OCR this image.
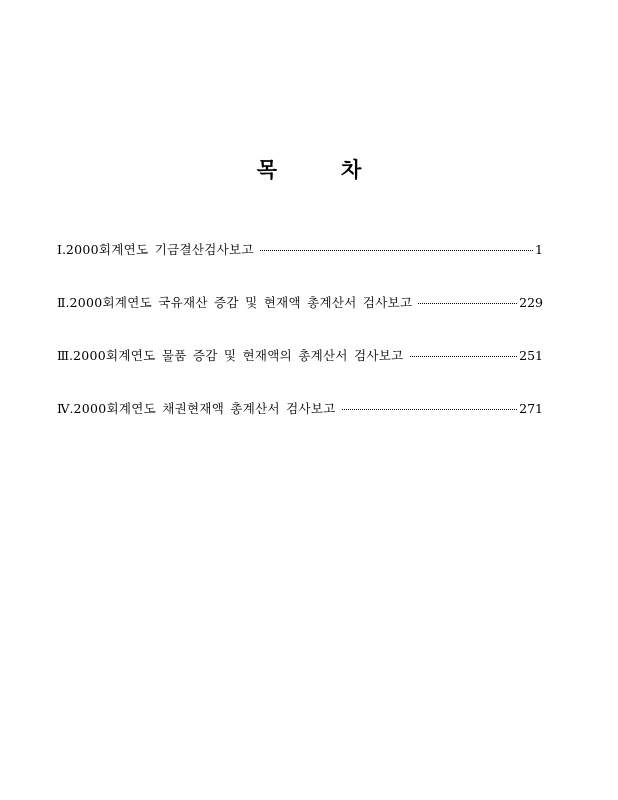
목	차
Ⅰ. 2000회계연도 기금결산검사보고	1
Ⅱ. 2000회계연도 국유재산 증감 및 현재액 총계산서 검사보고	229
Ⅲ. 2000회계연도 물품 증감 및 현재액의 총계산서 검사보고	251
Ⅳ. 2000회계연도 채권현재액 총계산서 검사보고	271
